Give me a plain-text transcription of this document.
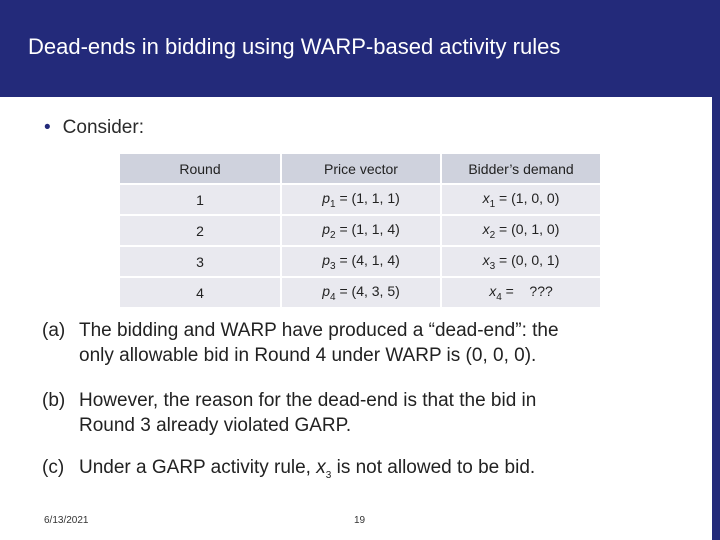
Dead-ends in bidding using WARP-based activity rules
• Consider:
Round	Price vector	Bidder’s demand
1	$p_1 = (1$, 1, 1)	$x_1 = (1$, 0, 0)
2	$p_2 = (1$, 1, 4)	$x_2 = (0$, 1, 0)
3	$p_3 = (4$, 1, 4)	$x_3 = (0$, 0, 1)
4	$p_4 = (4$, 3, 5)	$x_4$ =    ???
(a) The bidding and WARP have produced a “dead-end”: the
only allowable bid in Round 4 under WARP is (0, 0, 0).
(b) However, the reason for the dead-end is that the bid in
Round 3 already violated GARP.
(c) Under a GARP activity rule, $x_3$ is not allowed to be bid.
6/13/2021	19
